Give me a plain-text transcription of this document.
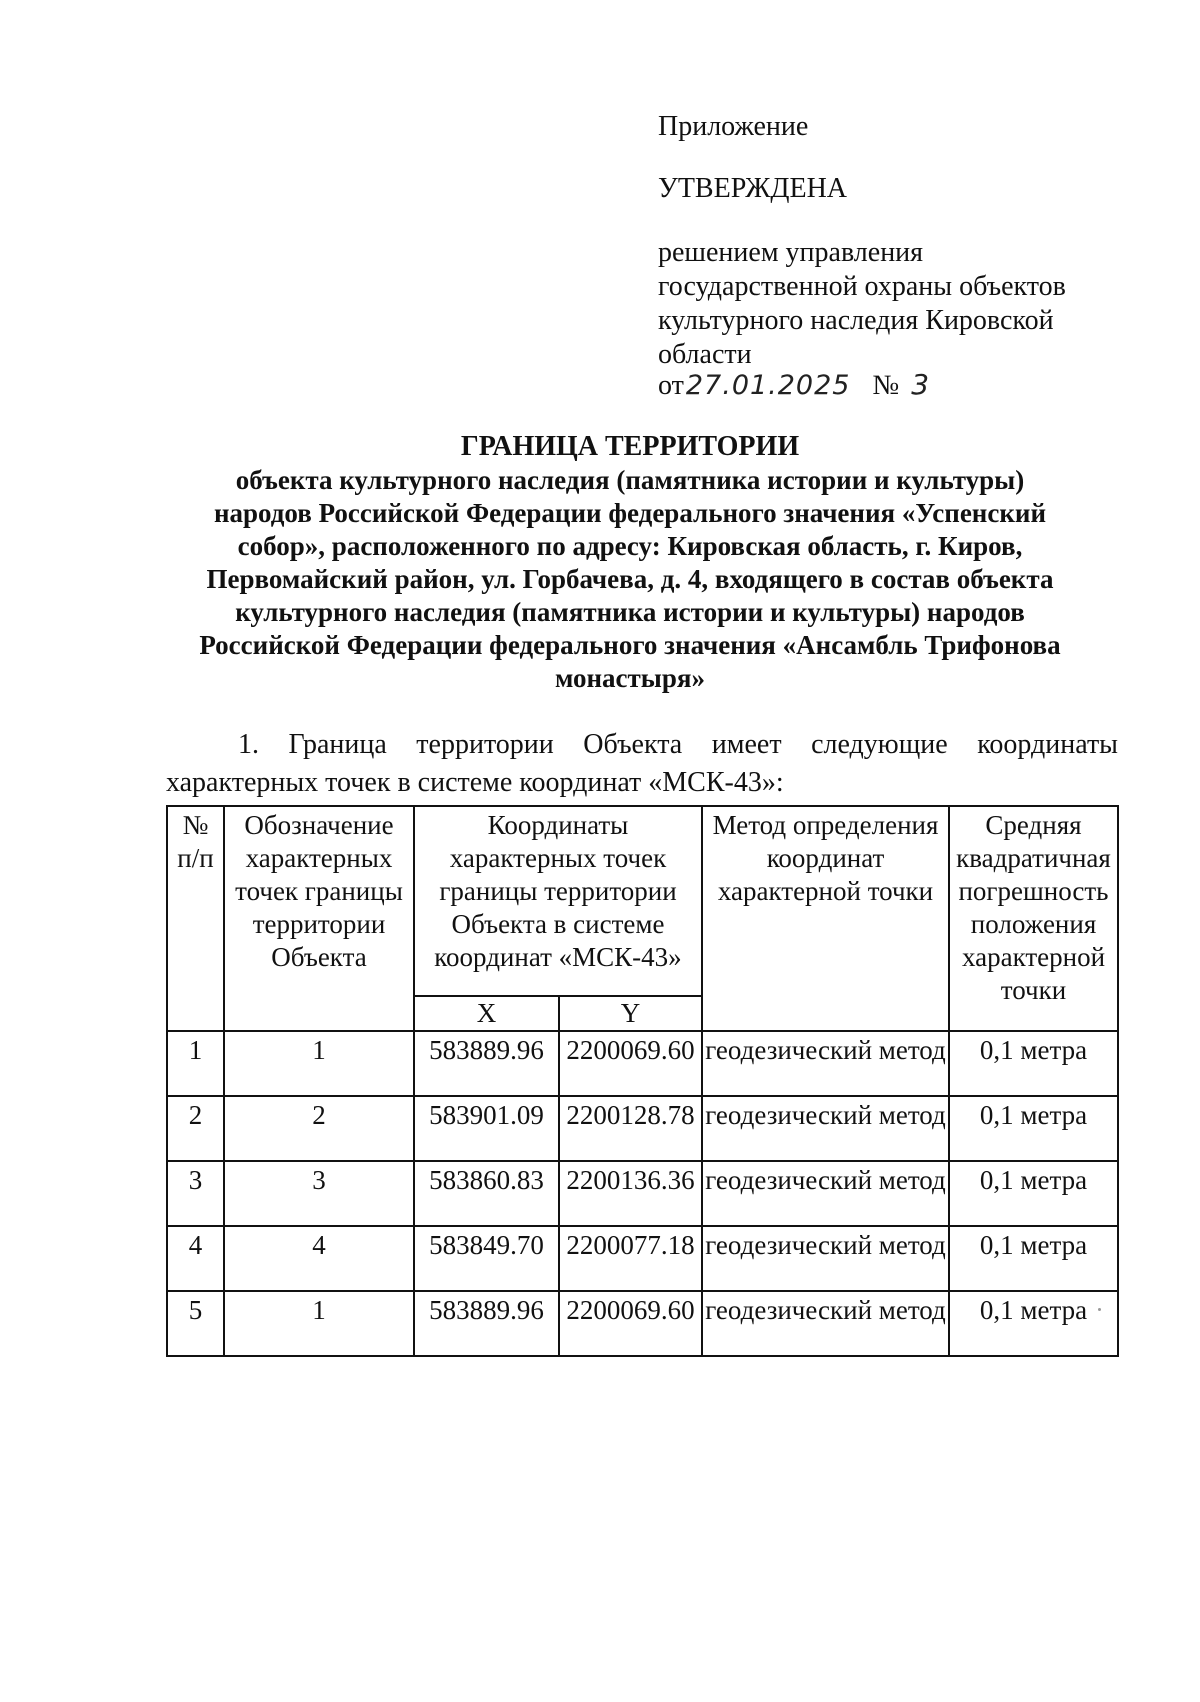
Приложение
УТВЕРЖДЕНА
решением управления
государственной охраны объектов
культурного наследия Кировской
области
от27.01.2025 № 3
ГРАНИЦА ТЕРРИТОРИИ
объекта культурного наследия (памятника истории и культуры)
народов Российской Федерации федерального значения «Успенский
собор», расположенного по адресу: Кировская область, г. Киров,
Первомайский район, ул. Горбачева, д. 4, входящего в состав объекта
культурного наследия (памятника истории и культуры) народов
Российской Федерации федерального значения «Ансамбль Трифонова
монастыря»
1. Граница территории Объекта имеет следующие координаты
характерных точек в системе координат «МСК-43»:
№ п/п	Обозначение характерных точек границы территории Объекта	Координаты характерных точек границы территории Объекта в системе координат «МСК-43»		Метод определения координат характерной точки	Средняя квадратичная погрешность положения характерной точки
		X	Y		
1	1	583889.96	2200069.60	геодезический метод	0,1 метра
2	2	583901.09	2200128.78	геодезический метод	0,1 метра
3	3	583860.83	2200136.36	геодезический метод	0,1 метра
4	4	583849.70	2200077.18	геодезический метод	0,1 метра
5	1	583889.96	2200069.60	геодезический метод	0,1 метра
